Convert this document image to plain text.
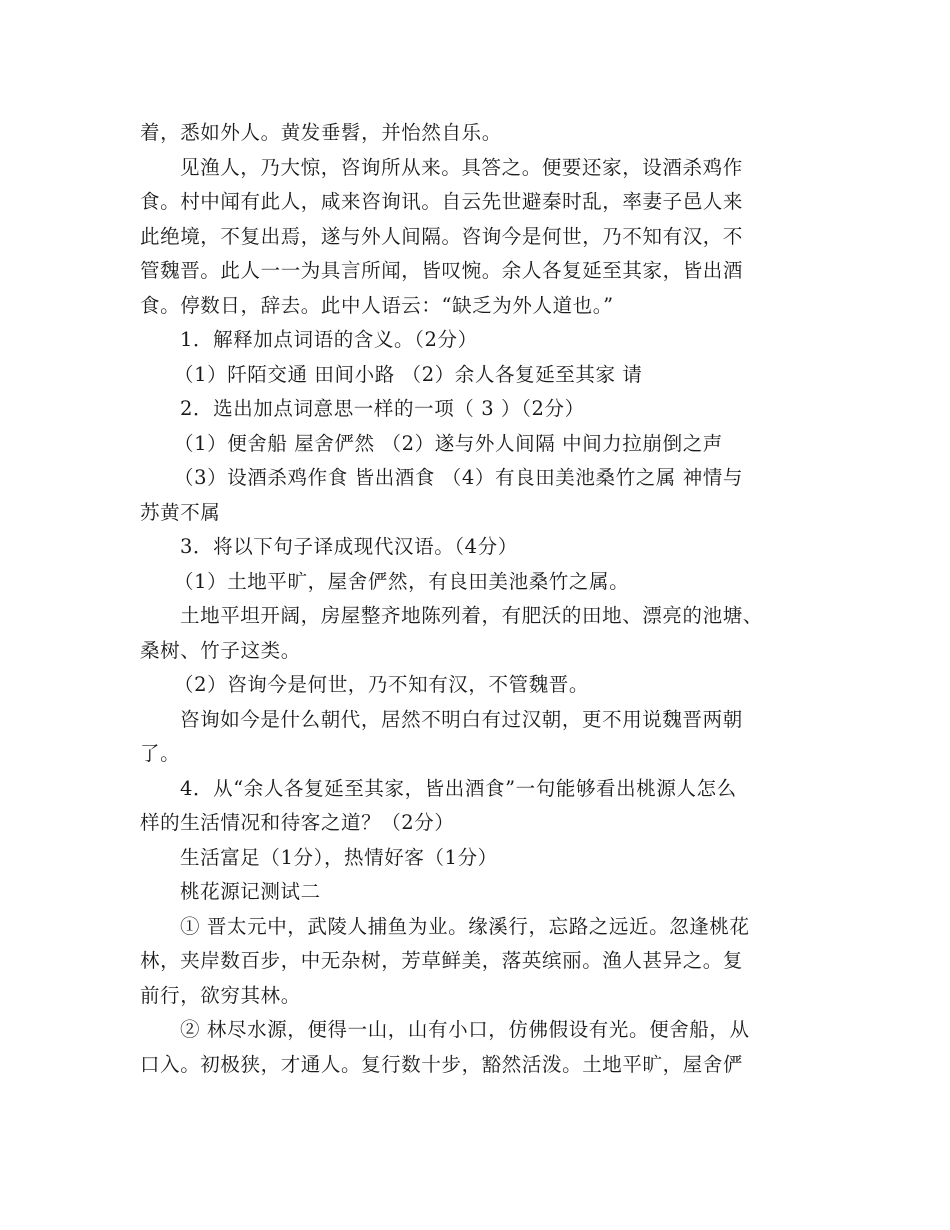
着，悉如外人。黄发垂髫，并怡然自乐。
见渔人，乃大惊，咨询所从来。具答之。便要还家，设酒杀鸡作
食。村中闻有此人，咸来咨询讯。自云先世避秦时乱，率妻子邑人来
此绝境，不复出焉，遂与外人间隔。咨询今是何世，乃不知有汉，不
管魏晋。此人一一为具言所闻，皆叹惋。余人各复延至其家，皆出酒
食。停数日，辞去。此中人语云：“缺乏为外人道也。”
1．解释加点词语的含义。（2分）
（1）阡陌交通 田间小路 （2）余人各复延至其家 请
2．选出加点词意思一样的一项（ 3 ）（2分）
（1）便舍船 屋舍俨然 （2）遂与外人间隔 中间力拉崩倒之声
（3）设酒杀鸡作食 皆出酒食 （4）有良田美池桑竹之属 神情与
苏黄不属
3．将以下句子译成现代汉语。（4分）
（1）土地平旷，屋舍俨然，有良田美池桑竹之属。
土地平坦开阔，房屋整齐地陈列着，有肥沃的田地、漂亮的池塘、
桑树、竹子这类。
（2）咨询今是何世，乃不知有汉，不管魏晋。
咨询如今是什么朝代，居然不明白有过汉朝，更不用说魏晋两朝
了。
4．从“余人各复延至其家，皆出酒食”一句能够看出桃源人怎么
样的生活情况和待客之道？（2分）
生活富足（1分），热情好客（1分）
桃花源记测试二
① 晋太元中，武陵人捕鱼为业。缘溪行，忘路之远近。忽逢桃花
林，夹岸数百步，中无杂树，芳草鲜美，落英缤丽。渔人甚异之。复
前行，欲穷其林。
② 林尽水源，便得一山，山有小口，仿佛假设有光。便舍船，从
口入。初极狭，才通人。复行数十步，豁然活泼。土地平旷，屋舍俨
